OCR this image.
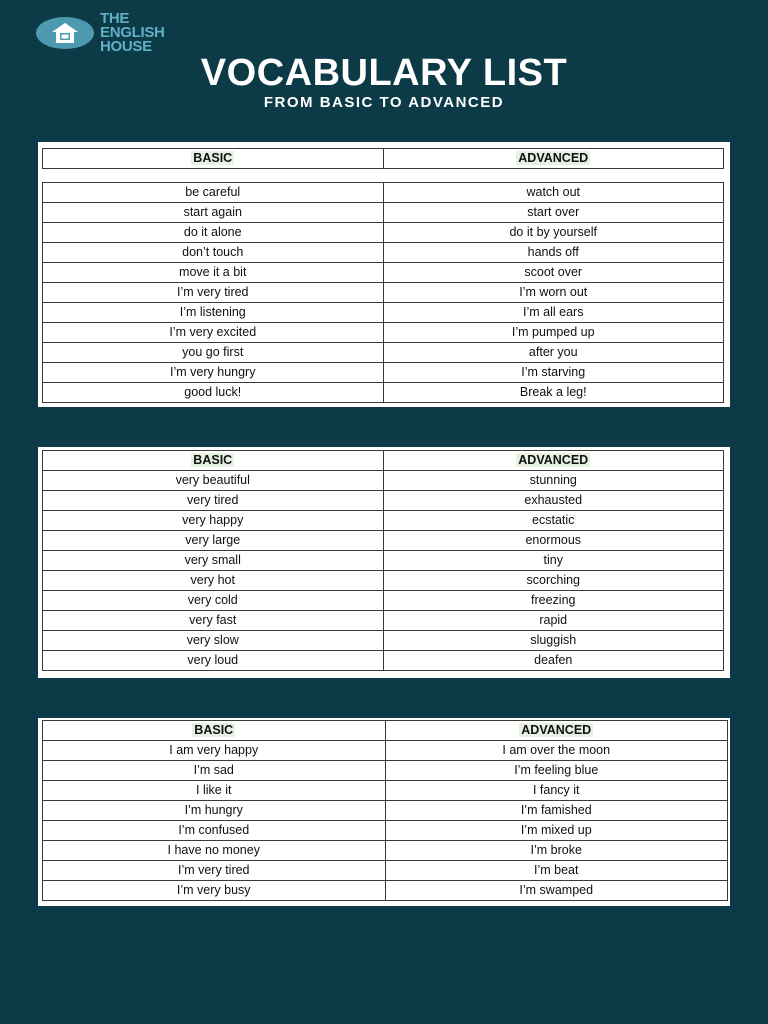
THE
ENGLISH
HOUSE
VOCABULARY LIST
FROM BASIC TO ADVANCED
BASIC	ADVANCED
be careful	watch out
start again	start over
do it alone	do it by yourself
don’t touch	hands off
move it a bit	scoot over
I’m very tired	I’m worn out
I’m listening	I’m all ears
I’m very excited	I’m pumped up
you go first	after you
I’m very hungry	I’m starving
good luck!	Break a leg!
BASIC	ADVANCED
very beautiful	stunning
very tired	exhausted
very happy	ecstatic
very large	enormous
very small	tiny
very hot	scorching
very cold	freezing
very fast	rapid
very slow	sluggish
very loud	deafen
BASIC	ADVANCED
I am very happy	I am over the moon
I’m sad	I’m feeling blue
I like it	I fancy it
I’m hungry	I’m famished
I’m confused	I’m mixed up
I have no money	I’m broke
I’m very tired	I’m beat
I’m very busy	I’m swamped
